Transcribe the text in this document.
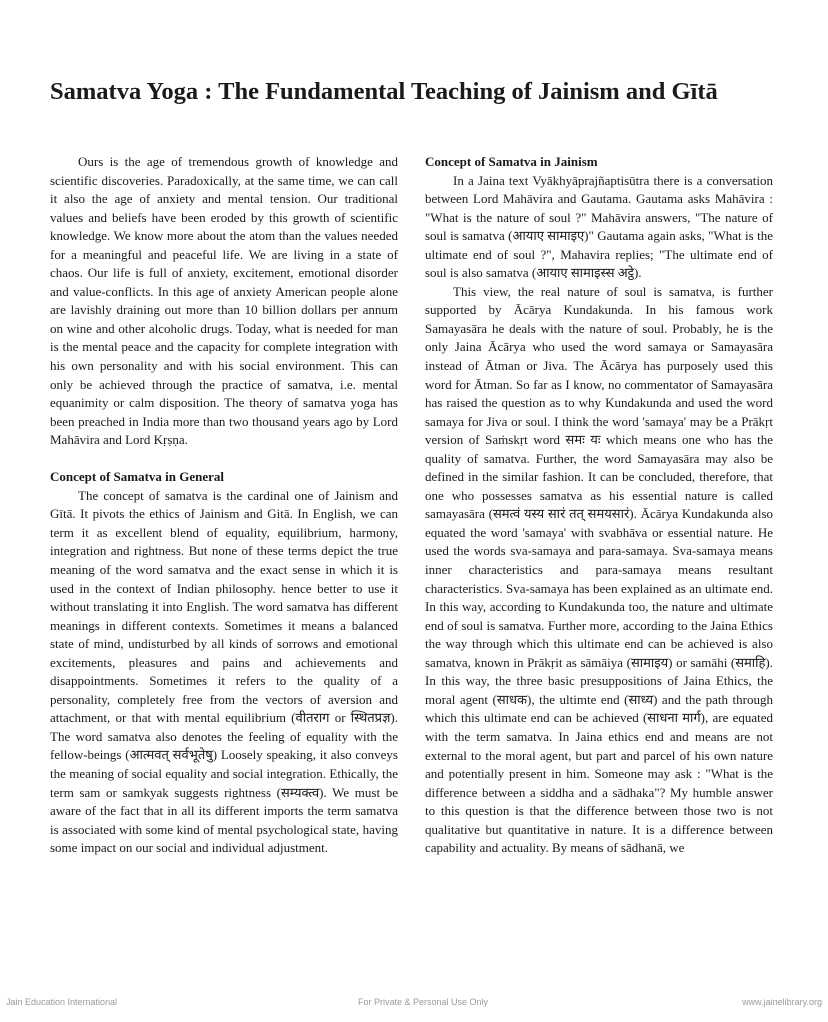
Samatva Yoga : The Fundamental Teaching of Jainism and Gītā

Ours is the age of tremendous growth of knowledge and scientific discoveries. Paradoxically, at the same time, we can call it also the age of anxiety and mental tension. Our traditional values and beliefs have been eroded by this growth of scientific knowledge. We know more about the atom than the values needed for a meaningful and peaceful life. We are living in a state of chaos. Our life is full of anxiety, excitement, emotional disorder and value-conflicts. In this age of anxiety American people alone are lavishly draining out more than 10 billion dollars per annum on wine and other alcoholic drugs. Today, what is needed for man is the mental peace and the capacity for complete integration with his own personality and with his social environment. This can only be achieved through the practice of samatva, i.e. mental equanimity or calm disposition. The theory of samatva yoga has been preached in India more than two thousand years ago by Lord Mahāvira and Lord Kṛṣṇa.

Concept of Samatva in General

The concept of samatva is the cardinal one of Jainism and Gītā. It pivots the ethics of Jainism and Gitā. In English, we can term it as excellent blend of equality, equilibrium, harmony, integration and rightness. But none of these terms depict the true meaning of the word samatva and the exact sense in which it is used in the context of Indian philosophy. hence better to use it without translating it into English. The word samatva has different meanings in different contexts. Sometimes it means a balanced state of mind, undisturbed by all kinds of sorrows and emotional excitements, pleasures and pains and achievements and disappointments. Sometimes it refers to the quality of a personality, completely free from the vectors of aversion and attachment, or that with mental equilibrium (वीतराग or स्थितप्रज्ञ). The word samatva also denotes the feeling of equality with the fellow-beings (आत्मवत् सर्वभूतेषु) Loosely speaking, it also conveys the meaning of social equality and social integration. Ethically, the term sam or samkyak suggests rightness (सम्यक्त्व). We must be aware of the fact that in all its different imports the term samatva is associated with some kind of mental psychological state, having some impact on our social and individual adjustment.

Concept of Samatva in Jainism

In a Jaina text Vyākhyāprajñaptisūtra there is a conversation between Lord Mahāvira and Gautama. Gautama asks Mahāvira : "What is the nature of soul ?" Mahāvira answers, "The nature of soul is samatva (आयाए सामाइए)" Gautama again asks, "What is the ultimate end of soul ?", Mahavira replies; "The ultimate end of soul is also samatva (आयाए सामाइस्स अट्ठे).

This view, the real nature of soul is samatva, is further supported by Ācārya Kundakunda. In his famous work Samayasāra he deals with the nature of soul. Probably, he is the only Jaina Ācārya who used the word samaya or Samayasāra instead of Ātman or Jiva. The Ācārya has purposely used this word for Ātman. So far as I know, no commentator of Samayasāra has raised the question as to why Kundakunda and used the word samaya for Jiva or soul. I think the word 'samaya' may be a Prākṛt version of Saṁskṛt word समः यः which means one who has the quality of samatva. Further, the word Samayasāra may also be defined in the similar fashion. It can be concluded, therefore, that one who possesses samatva as his essential nature is called samayasāra (समत्वं यस्य सारं तत् समयसारं). Ācārya Kundakunda also equated the word 'samaya' with svabhāva or essential nature. He used the words sva-samaya and para-samaya. Sva-samaya means inner characteristics and para-samaya means resultant characteristics. Sva-samaya has been explained as an ultimate end. In this way, according to Kundakunda too, the nature and ultimate end of soul is samatva. Further more, according to the Jaina Ethics the way through which this ultimate end can be achieved is also samatva, known in Prākṛit as sāmāiya (सामाइय) or samāhi (समाहि). In this way, the three basic presuppositions of Jaina Ethics, the moral agent (साधक), the ultimte end (साध्य) and the path through which this ultimate end can be achieved (साधना मार्ग), are equated with the term samatva. In Jaina ethics end and means are not external to the moral agent, but part and parcel of his own nature and potentially present in him. Someone may ask : "What is the difference between a siddha and a sādhaka"? My humble answer to this question is that the difference between those two is not qualitative but quantitative in nature. It is a difference between capability and actuality. By means of sādhanā, we

Jain Education International	For Private & Personal Use Only	www.jainelibrary.org
